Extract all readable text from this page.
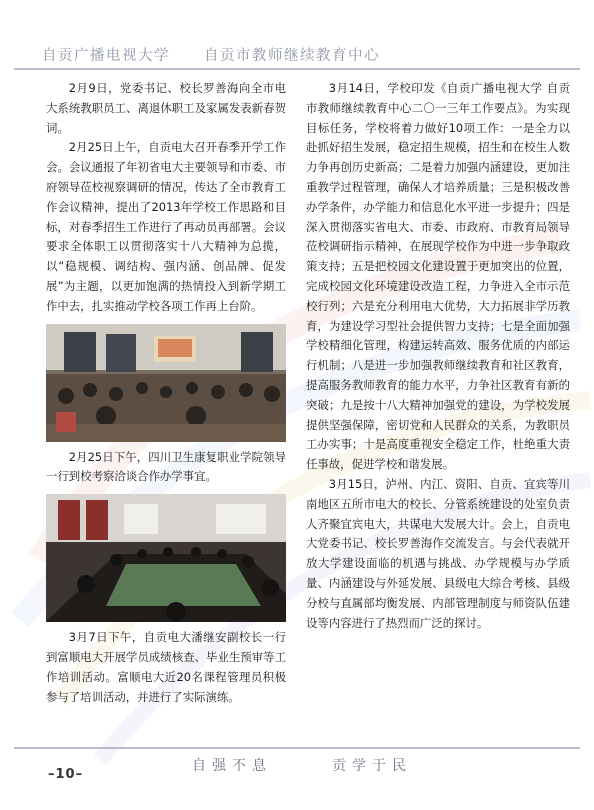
自贡广播电视大学 自贡市教师继续教育中心

2月9日，党委书记、校长罗善海向全市电大系统教职员工、离退休职工及家属发表新春贺词。

2月25日上午，自贡电大召开春季开学工作会。会议通报了年初省电大主要领导和市委、市府领导莅校视察调研的情况，传达了全市教育工作会议精神，提出了2013年学校工作思路和目标，对春季招生工作进行了再动员再部署。会议要求全体职工以贯彻落实十八大精神为总揽，以“稳规模、调结构、强内涵、创品牌、促发展”为主题，以更加饱满的热情投入到新学期工作中去，扎实推动学校各项工作再上台阶。

2月25日下午，四川卫生康复职业学院领导一行到校考察洽谈合作办学事宜。

3月7日下午，自贡电大潘继安副校长一行到富顺电大开展学员成绩核查、毕业生预审等工作培训活动。富顺电大近20名课程管理员积极参与了培训活动，并进行了实际演练。

3月14日，学校印发《自贡广播电视大学 自贡市教师继续教育中心二〇一三年工作要点》。为实现目标任务，学校将着力做好10项工作：一是全力以赴抓好招生发展，稳定招生规模，招生和在校生人数力争再创历史新高；二是着力加强内涵建设，更加注重教学过程管理，确保人才培养质量；三是积极改善办学条件，办学能力和信息化水平进一步提升；四是深入贯彻落实省电大、市委、市政府、市教育局领导莅校调研指示精神，在展现学校作为中进一步争取政策支持；五是把校园文化建设置于更加突出的位置，完成校园文化环境建设改造工程，力争进入全市示范校行列；六是充分利用电大优势，大力拓展非学历教育，为建设学习型社会提供智力支持；七是全面加强学校精细化管理，构建运转高效、服务优质的内部运行机制；八是进一步加强教师继续教育和社区教育，提高服务教师教育的能力水平，力争社区教育有新的突破；九是按十八大精神加强党的建设，为学校发展提供坚强保障，密切党和人民群众的关系，为教职员工办实事；十是高度重视安全稳定工作，杜绝重大责任事故，促进学校和谐发展。

3月15日，泸州、内江、资阳、自贡、宜宾等川南地区五所市电大的校长、分管系统建设的处室负责人齐聚宜宾电大，共谋电大发展大计。会上，自贡电大党委书记、校长罗善海作交流发言。与会代表就开放大学建设面临的机遇与挑战、办学规模与办学质量、内涵建设与外延发展、县级电大综合考核、县级分校与直属部均衡发展、内部管理制度与师资队伍建设等内容进行了热烈而广泛的探讨。

–10–
自强不息	贡学于民
